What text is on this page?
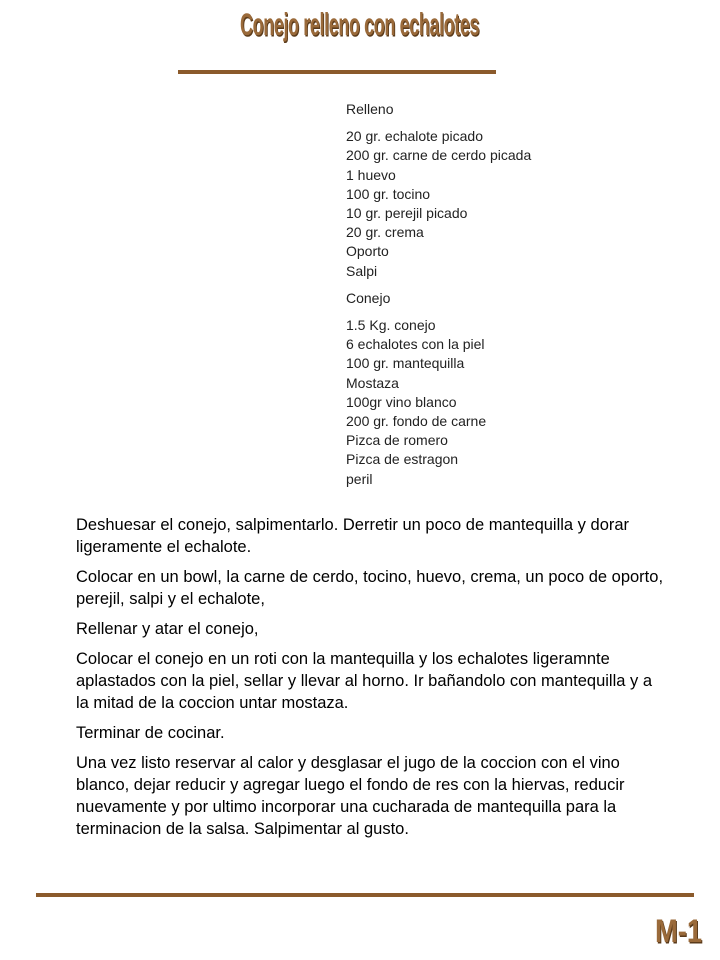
Conejo relleno con echalotes
Relleno
20 gr. echalote picado
200 gr. carne de cerdo picada
1 huevo
100 gr. tocino
10 gr. perejil picado
20 gr. crema
Oporto
Salpi
Conejo
1.5 Kg. conejo
6 echalotes con la piel
100 gr. mantequilla
Mostaza
100gr vino blanco
200 gr. fondo de carne
Pizca de romero
Pizca de estragon
peril

Deshuesar el conejo, salpimentarlo. Derretir un poco de mantequilla y dorar ligeramente el echalote.

Colocar en un bowl, la carne de cerdo, tocino, huevo, crema, un poco de oporto, perejil, salpi y el echalote,

Rellenar y atar el conejo,

Colocar el conejo en un roti con la mantequilla y los echalotes ligeramnte aplastados con la piel, sellar y llevar al horno. Ir bañandolo con mantequilla y a la mitad de la coccion untar mostaza.

Terminar de cocinar.

Una vez listo reservar al calor y desglasar el jugo de la coccion con el vino blanco, dejar reducir y agregar luego el fondo de res con la hiervas, reducir nuevamente y por ultimo incorporar una cucharada de mantequilla para la terminacion de la salsa. Salpimentar al gusto.

M-1
